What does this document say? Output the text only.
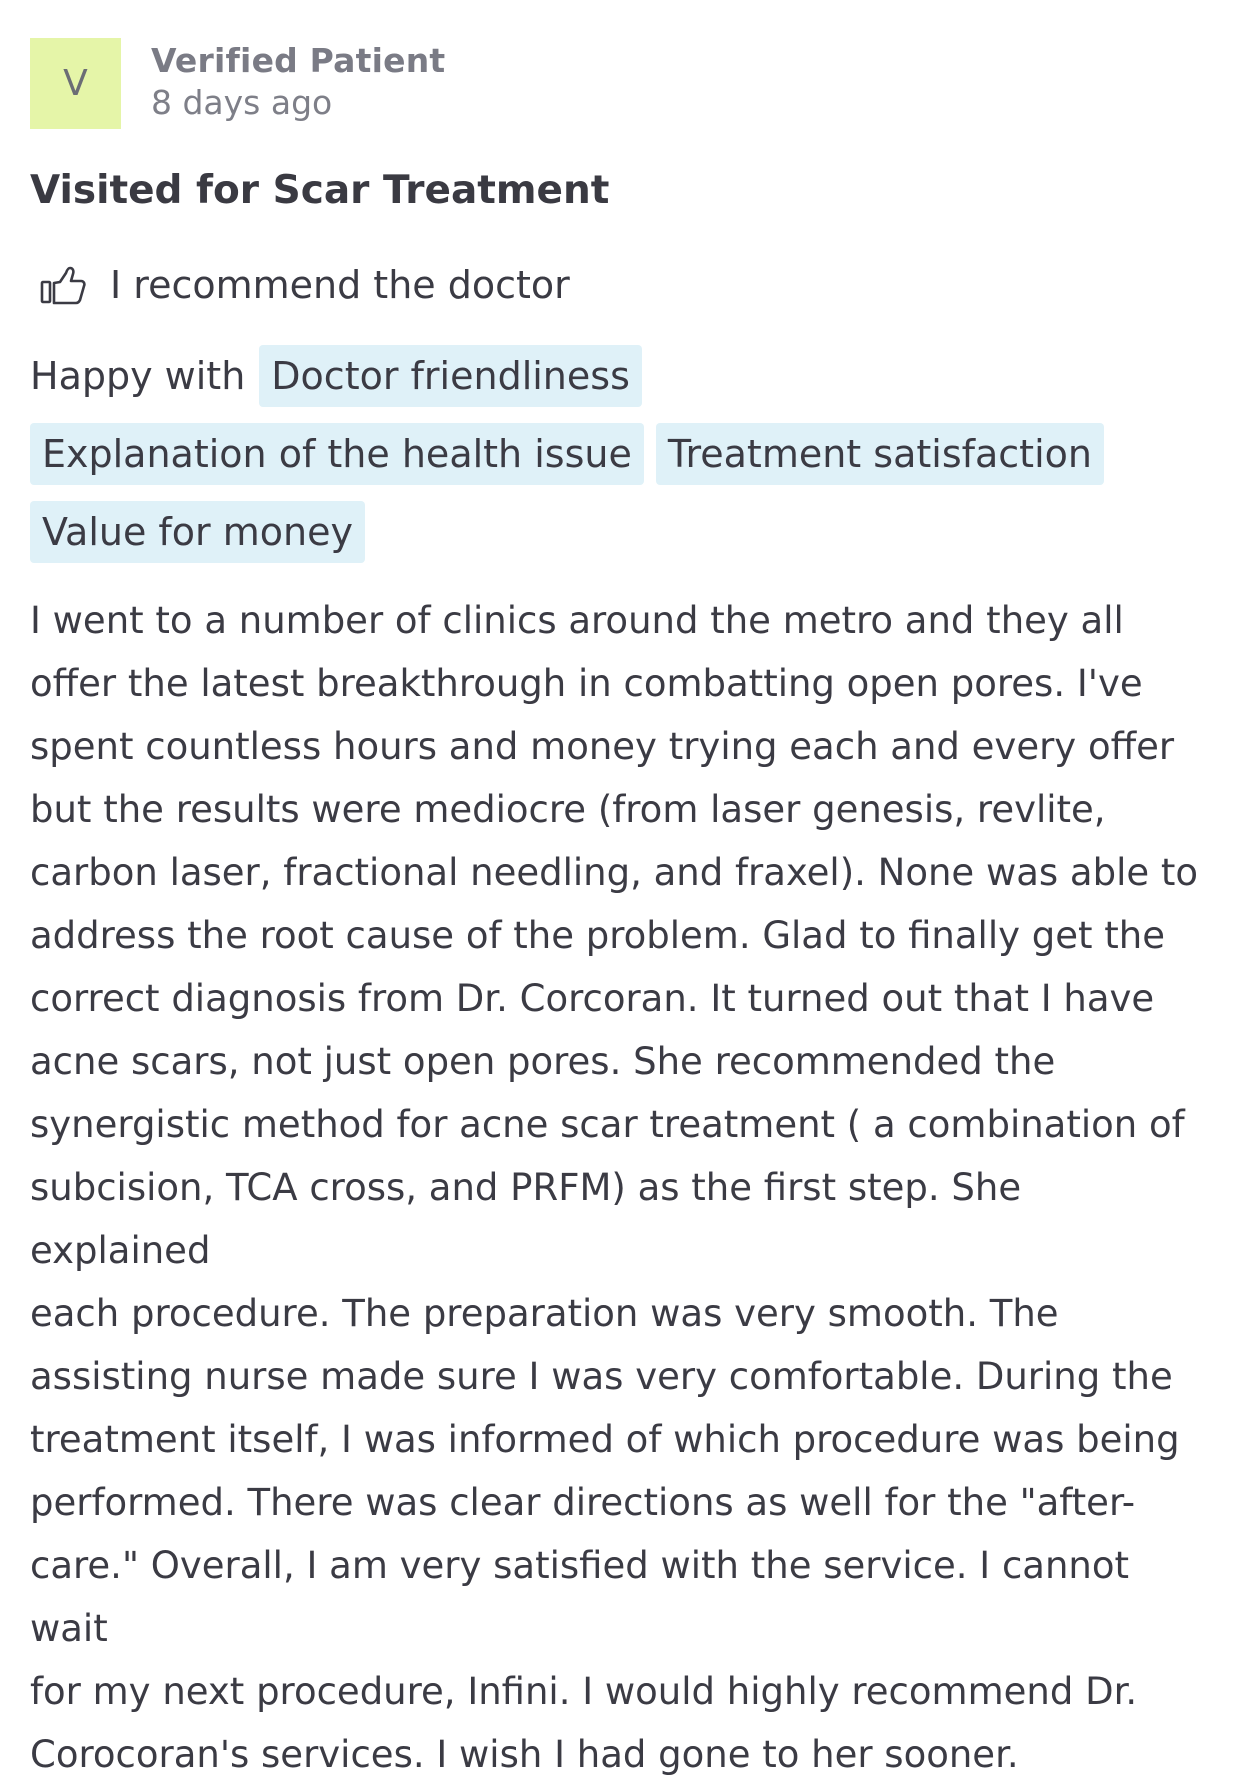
V
Verified Patient
8 days ago
Visited for Scar Treatment
I recommend the doctor
Happy with Doctor friendliness
Explanation of the health issue Treatment satisfaction
Value for money
I went to a number of clinics around the metro and they all
offer the latest breakthrough in combatting open pores. I've
spent countless hours and money trying each and every offer
but the results were mediocre (from laser genesis, revlite,
carbon laser, fractional needling, and fraxel). None was able to
address the root cause of the problem. Glad to finally get the
correct diagnosis from Dr. Corcoran. It turned out that I have
acne scars, not just open pores. She recommended the
synergistic method for acne scar treatment ( a combination of
subcision, TCA cross, and PRFM) as the first step. She explained
each procedure. The preparation was very smooth. The
assisting nurse made sure I was very comfortable. During the
treatment itself, I was informed of which procedure was being
performed. There was clear directions as well for the "after-
care." Overall, I am very satisfied with the service. I cannot wait
for my next procedure, Infini. I would highly recommend Dr.
Corocoran's services. I wish I had gone to her sooner.
